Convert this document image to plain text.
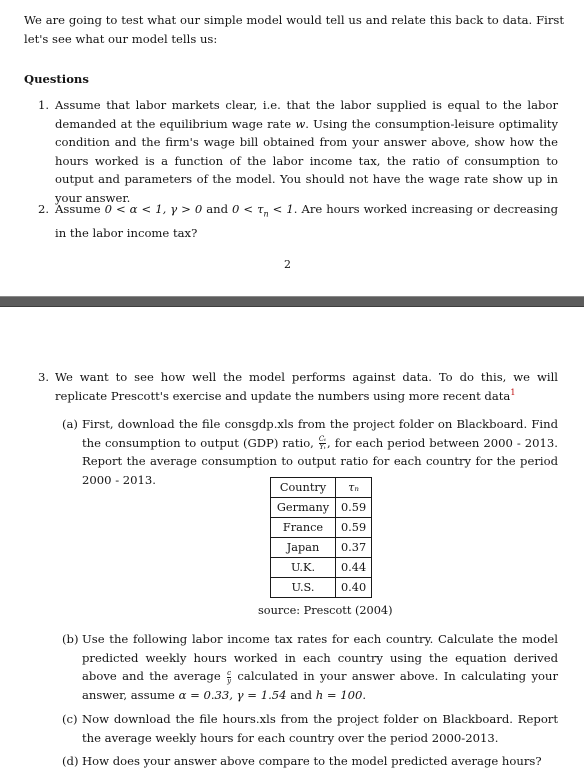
We are going to test what our simple model would tell us and relate this back to data. First let's see what our model tells us:
Questions
1. Assume that labor markets clear, i.e. that the labor supplied is equal to the labor demanded at the equilibrium wage rate w. Using the consumption-leisure optimality condition and the firm's wage bill obtained from your answer above, show how the hours worked is a function of the labor income tax, the ratio of consumption to output and parameters of the model. You should not have the wage rate show up in your answer.
2. Assume 0 < α < 1, γ > 0 and $0 < \tau_n < 1$. Are hours worked increasing or decreasing in the labor income tax?
2
3. We want to see how well the model performs against data. To do this, we will replicate Prescott's exercise and update the numbers using more recent data$^1$
(a) First, download the file consgdp.xls from the project folder on Blackboard. Find the consumption to output (GDP) ratio, $\frac{\text{Cₜ}}{\text{Yₜ}}$ , for each period between 2000 - 2013. Report the average consumption to output ratio for each country for the period 2000 - 2013.
Country	τₙ
Germany	0.59
France	0.59
Japan	0.37
U.K.	0.44
U.S.	0.40
source: Prescott (2004)
(b) Use the following labor income tax rates for each country. Calculate the model predicted weekly hours worked in each country using the equation derived above and the average $\frac{c}{y}$ calculated in your answer above. In calculating your answer, assume α = 0.33, γ = 1.54 and h = 100.
(c) Now download the file hours.xls from the project folder on Blackboard. Report the average weekly hours for each country over the period 2000-2013.
(d) How does your answer above compare to the model predicted average hours?
